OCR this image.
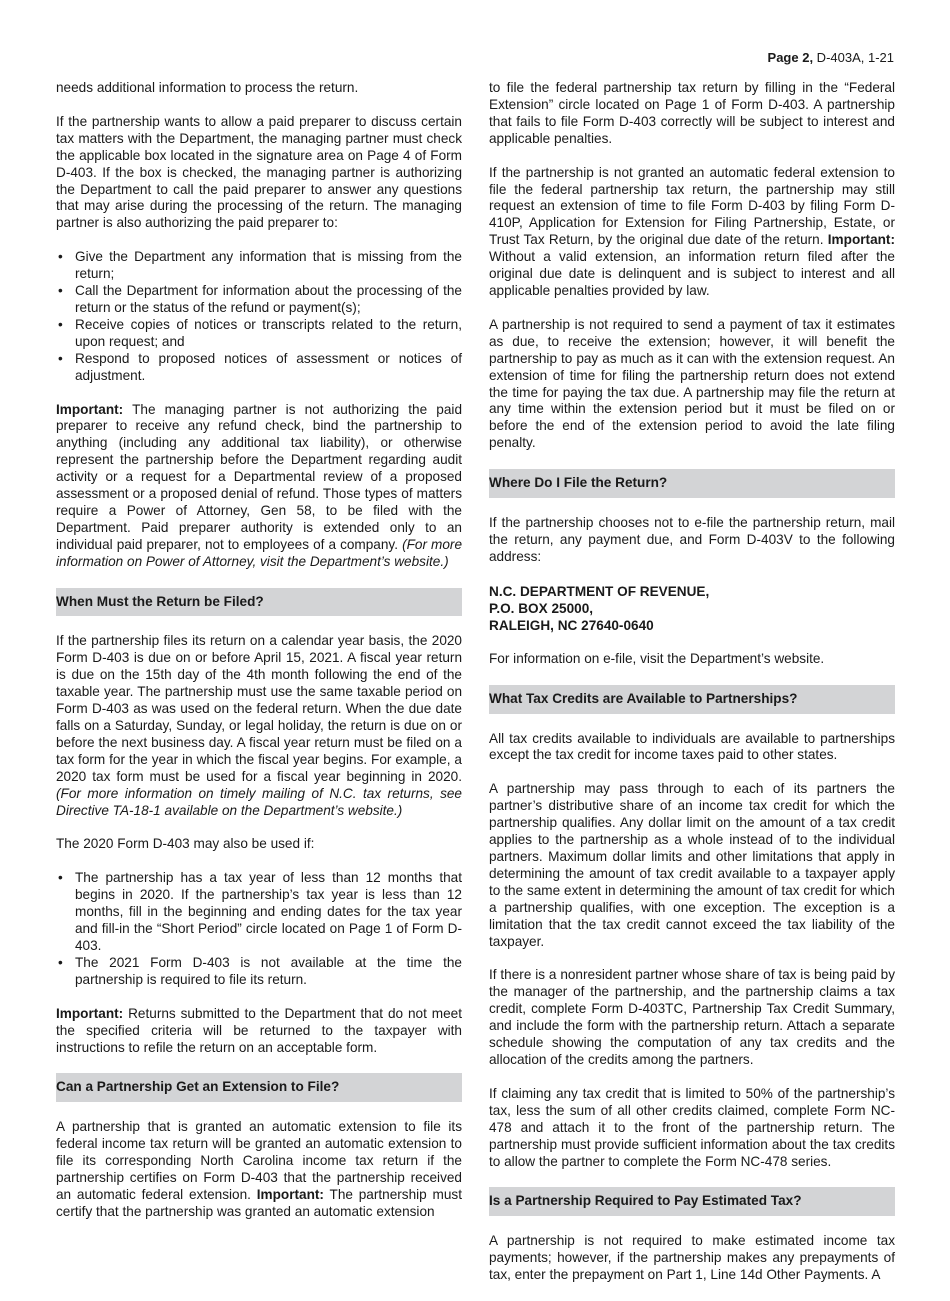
Page 2, D-403A, 1-21

needs additional information to process the return.

If the partnership wants to allow a paid preparer to discuss certain tax matters with the Department, the managing partner must check the applicable box located in the signature area on Page 4 of Form D-403. If the box is checked, the managing partner is authorizing the Department to call the paid preparer to answer any questions that may arise during the processing of the return. The managing partner is also authorizing the paid preparer to:

• Give the Department any information that is missing from the return;
• Call the Department for information about the processing of the return or the status of the refund or payment(s);
• Receive copies of notices or transcripts related to the return, upon request; and
• Respond to proposed notices of assessment or notices of adjustment.

Important: The managing partner is not authorizing the paid preparer to receive any refund check, bind the partnership to anything (including any additional tax liability), or otherwise represent the partnership before the Department regarding audit activity or a request for a Departmental review of a proposed assessment or a proposed denial of refund. Those types of matters require a Power of Attorney, Gen 58, to be filed with the Department. Paid preparer authority is extended only to an individual paid preparer, not to employees of a company. (For more information on Power of Attorney, visit the Department’s website.)

When Must the Return be Filed?

If the partnership files its return on a calendar year basis, the 2020 Form D-403 is due on or before April 15, 2021. A fiscal year return is due on the 15th day of the 4th month following the end of the taxable year. The partnership must use the same taxable period on Form D-403 as was used on the federal return. When the due date falls on a Saturday, Sunday, or legal holiday, the return is due on or before the next business day. A fiscal year return must be filed on a tax form for the year in which the fiscal year begins. For example, a 2020 tax form must be used for a fiscal year beginning in 2020. (For more information on timely mailing of N.C. tax returns, see Directive TA-18-1 available on the Department’s website.)

The 2020 Form D-403 may also be used if:

• The partnership has a tax year of less than 12 months that begins in 2020. If the partnership’s tax year is less than 12 months, fill in the beginning and ending dates for the tax year and fill-in the “Short Period” circle located on Page 1 of Form D-403.
• The 2021 Form D-403 is not available at the time the partnership is required to file its return.

Important: Returns submitted to the Department that do not meet the specified criteria will be returned to the taxpayer with instructions to refile the return on an acceptable form.

Can a Partnership Get an Extension to File?

A partnership that is granted an automatic extension to file its federal income tax return will be granted an automatic extension to file its corresponding North Carolina income tax return if the partnership certifies on Form D-403 that the partnership received an automatic federal extension. Important: The partnership must certify that the partnership was granted an automatic extension

to file the federal partnership tax return by filling in the “Federal Extension” circle located on Page 1 of Form D-403. A partnership that fails to file Form D-403 correctly will be subject to interest and applicable penalties.

If the partnership is not granted an automatic federal extension to file the federal partnership tax return, the partnership may still request an extension of time to file Form D-403 by filing Form D-410P, Application for Extension for Filing Partnership, Estate, or Trust Tax Return, by the original due date of the return. Important: Without a valid extension, an information return filed after the original due date is delinquent and is subject to interest and all applicable penalties provided by law.

A partnership is not required to send a payment of tax it estimates as due, to receive the extension; however, it will benefit the partnership to pay as much as it can with the extension request. An extension of time for filing the partnership return does not extend the time for paying the tax due. A partnership may file the return at any time within the extension period but it must be filed on or before the end of the extension period to avoid the late filing penalty.

Where Do I File the Return?

If the partnership chooses not to e-file the partnership return, mail the return, any payment due, and Form D-403V to the following address:

N.C. DEPARTMENT OF REVENUE,
P.O. BOX 25000,
RALEIGH, NC 27640-0640

For information on e-file, visit the Department’s website.

What Tax Credits are Available to Partnerships?

All tax credits available to individuals are available to partnerships except the tax credit for income taxes paid to other states.

A partnership may pass through to each of its partners the partner’s distributive share of an income tax credit for which the partnership qualifies. Any dollar limit on the amount of a tax credit applies to the partnership as a whole instead of to the individual partners. Maximum dollar limits and other limitations that apply in determining the amount of tax credit available to a taxpayer apply to the same extent in determining the amount of tax credit for which a partnership qualifies, with one exception. The exception is a limitation that the tax credit cannot exceed the tax liability of the taxpayer.

If there is a nonresident partner whose share of tax is being paid by the manager of the partnership, and the partnership claims a tax credit, complete Form D-403TC, Partnership Tax Credit Summary, and include the form with the partnership return. Attach a separate schedule showing the computation of any tax credits and the allocation of the credits among the partners.

If claiming any tax credit that is limited to 50% of the partnership’s tax, less the sum of all other credits claimed, complete Form NC-478 and attach it to the front of the partnership return. The partnership must provide sufficient information about the tax credits to allow the partner to complete the Form NC-478 series.

Is a Partnership Required to Pay Estimated Tax?

A partnership is not required to make estimated income tax payments; however, if the partnership makes any prepayments of tax, enter the prepayment on Part 1, Line 14d Other Payments. A
